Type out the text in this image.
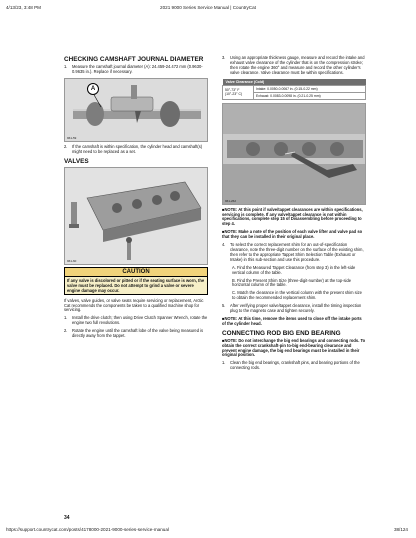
4/13/23, 3:48 PM	2021 9000 Series Service Manual | CountryCat
CHECKING CAMSHAFT JOURNAL DIAMETER
1.	Measure the camshaft journal diameter (A): 24.459-24.472 mm (0.9630-0.9635 in.). Replace if necessary.
A
961-59
2.	If the camshaft is within specification, the cylinder head and camshaft(s) might need to be replaced as a set.
VALVES
961-60
CAUTION
If any valve is discolored or pitted or if the seating surface is worn, the valve must be replaced. Do not attempt to grind a valve or severe engine damage may occur.

If valves, valve guides, or valve seats require servicing or replacement, Arctic Cat recommends the components be taken to a qualified machine shop for servicing.

1.	Install the drive clutch; then using Drive Clutch Spanner Wrench, rotate the engine two full revolutions.
2.	Rotate the engine until the camshaft lobe of the valve being measured is directly away from the tappet.
3.	Using an appropriate thickness gauge, measure and record the intake and exhaust valve clearance of the cylinder that is on the compression stroke; then rotate the engine 360° and measure and record the other cylinder's valve clearance. Valve clearance must be within specifications.
Valve Clearance (Cold)
50°-73° F
(10°-23° C)	Intake: 0.0050-0.0067 in. (0.15-0.22 mm)
Exhaust: 0.0083-0.0098 in. (0.21-0.25 mm)
961-262

■NOTE: At this point if valve/tappet clearances are within specifications, servicing is complete. If any valve/tappet clearance is not within specifications, complete step 15 of Disassembling before proceeding to step 4.

■NOTE: Make a note of the position of each valve lifter and valve pad so that they can be installed in their original place.

4.	To select the correct replacement shim for an out-of-specification clearance, note the three-digit number on the surface of the existing shim, then refer to the appropriate Tappet Shim Selection Table (Exhaust or Intake) in this sub-section and use this procedure.

A. Find the Measured Tappet Clearance (from step 3) in the left-side vertical column of the table.

B. Find the Present Shim Size (three-digit-number) at the top-side horizontal column of the table.

C. Match the clearance in the vertical column with the present shim size to obtain the recommended replacement shim.

5.	After verifying proper valve/tappet clearance, install the timing inspection plug to the magneto case and tighten securely.

■NOTE: At this time, remove the items used to close off the intake ports of the cylinder head.

CONNECTING ROD BIG END BEARING

■NOTE: Do not interchange the big end bearings and connecting rods. To obtain the correct crankshaft-pin to-big end-bearing clearance and prevent engine damage, the big end bearings must be installed in their original position.

1.	Clean the big end bearings, crankshaft pins, and bearing portions of the connecting rods.
34
https://support.countrycat.com/posts/4178000-2021-9000-series-service-manual	38/124
